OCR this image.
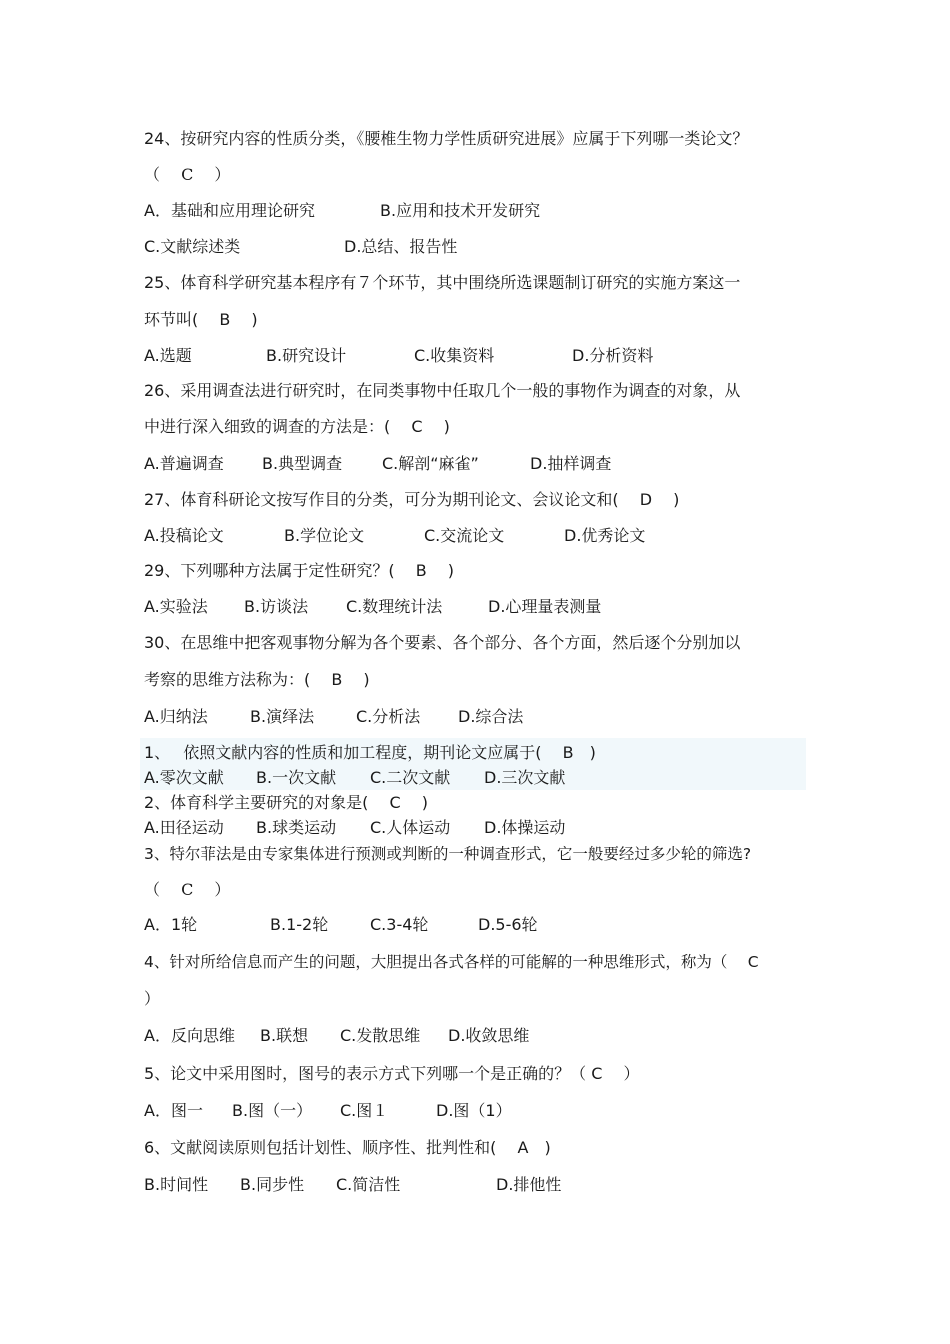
24、按研究内容的性质分类，《腰椎生物力学性质研究进展》应属于下列哪一类论文？
（　 C　 ）

A．基础和应用理论研究

	B.应用和技术开发研究

C.文献综述类

	D.总结、报告性

25、体育科学研究基本程序有７个环节，其中围绕所选课题制订研究的实施方案这一
环节叫(　 B　 )

A.选题

	B.研究设计

	C.收集资料

	D.分析资料

26、采用调查法进行研究时，在同类事物中任取几个一般的事物作为调查的对象，从
中进行深入细致的调查的方法是：(　 C　 )

A.普遍调查

B.典型调查

C.解剖“麻雀”

	D.抽样调查

27、体育科研论文按写作目的分类，可分为期刊论文、会议论文和(　 D　 )

A.投稿论文

	B.学位论文

	C.交流论文

	D.优秀论文

29、下列哪种方法属于定性研究？(　 B　 )

A.实验法

B.访谈法

C.数理统计法

	D.心理量表测量

30、在思维中把客观事物分解为各个要素、各个部分、各个方面，然后逐个分别加以
考察的思维方法称为：(　 B　 )

A.归纳法

	B.演绎法

	C.分析法

D.综合法

1、　 依照文献内容的性质和加工程度，期刊论文应属于(　 B　)

A.零次文献

B.一次文献

C.二次文献

D.三次文献

2、体育科学主要研究的对象是(　 C　 )

A.田径运动

B.球类运动

C.人体运动

D.体操运动

3、特尔菲法是由专家集体进行预测或判断的一种调查形式，它一般要经过多少轮的筛选?
（　 C　 ）

A．1轮

	B.1-2轮

	C.3-4轮

	D.5-6轮

4、针对所给信息而产生的问题，大胆提出各式各样的可能解的一种思维形式，称为（　 C
）

A．反向思维

B.联想

C.发散思维

D.收敛思维

5、论文中采用图时，图号的表示方式下列哪一个是正确的？（ C　 ）

A．图一

B.图（一）

C.图１

	D.图（1）

6、文献阅读原则包括计划性、顺序性、批判性和(　 A　)

B.时间性

B.同步性

C.简洁性

	D.排他性
